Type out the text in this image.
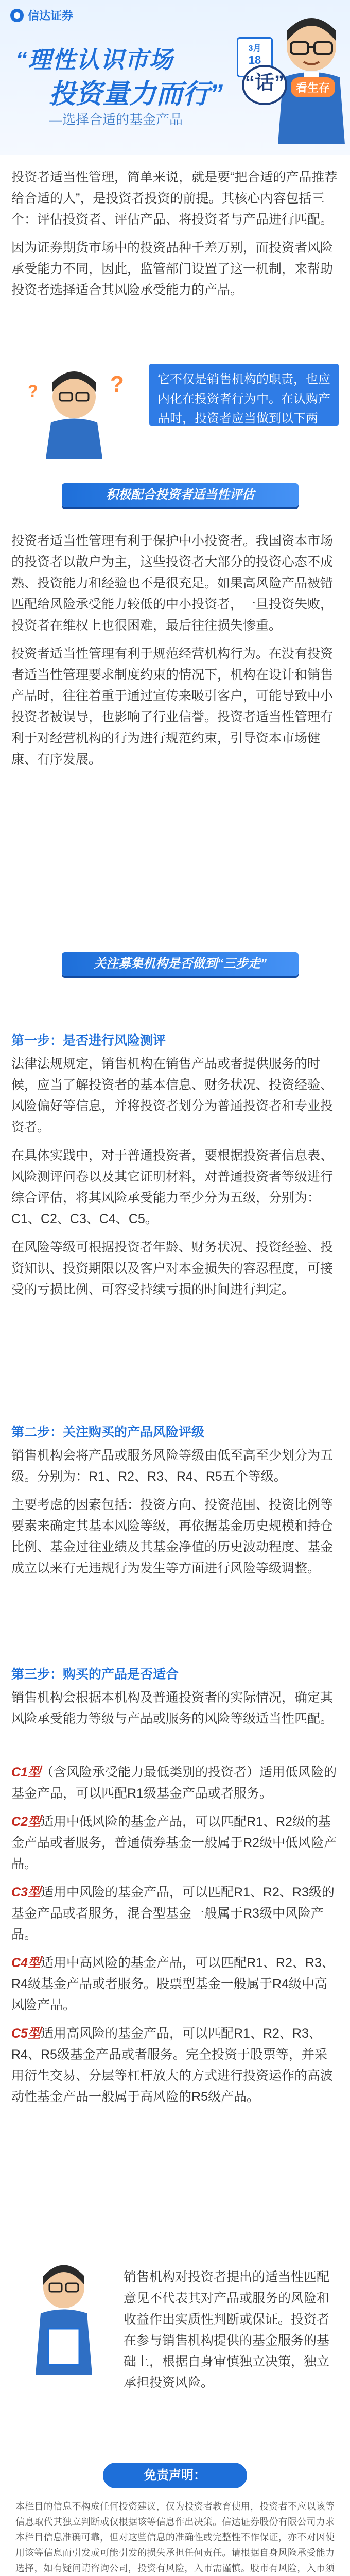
信达证券
“理性认识市场
投资量力而行”
—选择合适的基金产品
3月
18
“话”	看生存

投资者适当性管理，简单来说，就是要“把合适的产品推荐给合适的人”，是投资者投资的前提。其核心内容包括三个：评估投资者、评估产品、将投资者与产品进行匹配。

因为证券期货市场中的投资品种千差万别，而投资者风险承受能力不同，因此，监管部门设置了这一机制，来帮助投资者选择适合其风险承受能力的产品。

?
?
它不仅是销售机构的职责，也应内化在投资者行为中。在认购产品时，投资者应当做到以下两点：
积极配合投资者适当性评估

投资者适当性管理有利于保护中小投资者。我国资本市场的投资者以散户为主，这些投资者大部分的投资心态不成熟、投资能力和经验也不是很充足。如果高风险产品被错匹配给风险承受能力较低的中小投资者，一旦投资失败，投资者在维权上也很困难，最后往往损失惨重。

投资者适当性管理有利于规范经营机构行为。在没有投资者适当性管理要求制度约束的情况下，机构在设计和销售产品时，往往着重于通过宣传来吸引客户，可能导致中小投资者被误导，也影响了行业信誉。投资者适当性管理有利于对经营机构的行为进行规范约束，引导资本市场健康、有序发展。

关注募集机构是否做到“三步走”
第一步：是否进行风险测评

法律法规规定，销售机构在销售产品或者提供服务的时候，应当了解投资者的基本信息、财务状况、投资经验、风险偏好等信息，并将投资者划分为普通投资者和专业投资者。

在具体实践中，对于普通投资者，要根据投资者信息表、风险测评问卷以及其它证明材料，对普通投资者等级进行综合评估，将其风险承受能力至少分为五级，分别为：C1、C2、C3、C4、C5。

在风险等级可根据投资者年龄、财务状况、投资经验、投资知识、投资期限以及客户对本金损失的容忍程度，可接受的亏损比例、可容受持续亏损的时间进行判定。

第二步：关注购买的产品风险评级

销售机构会将产品或服务风险等级由低至高至少划分为五级。分别为：R1、R2、R3、R4、R5五个等级。

主要考虑的因素包括：投资方向、投资范围、投资比例等要素来确定其基本风险等级，再依据基金历史规模和持仓比例、基金过往业绩及其基金净值的历史波动程度、基金成立以来有无违规行为发生等方面进行风险等级调整。

第三步：购买的产品是否适合

销售机构会根据本机构及普通投资者的实际情况，确定其风险承受能力等级与产品或服务的风险等级适当性匹配。

C1型（含风险承受能力最低类别的投资者）适用低风险的基金产品，可以匹配R1级基金产品或者服务。

C2型适用中低风险的基金产品，可以匹配R1、R2级的基金产品或者服务，普通债券基金一般属于R2级中低风险产品。

C3型适用中风险的基金产品，可以匹配R1、R2、R3级的基金产品或者服务，混合型基金一般属于R3级中风险产品。

C4型适用中高风险的基金产品，可以匹配R1、R2、R3、R4级基金产品或者服务。股票型基金一般属于R4级中高风险产品。

C5型适用高风险的基金产品，可以匹配R1、R2、R3、R4、R5级基金产品或者服务。完全投资于股票等，并采用衍生交易、分层等杠杆放大的方式进行投资运作的高波动性基金产品一般属于高风险的R5级产品。

销售机构对投资者提出的适当性匹配意见不代表其对产品或服务的风险和收益作出实质性判断或保证。投资者在参与销售机构提供的基金服务的基础上，根据自身审慎独立决策，独立承担投资风险。

免责声明：
本栏目的信息不构成任何投资建议，仅为投资者教育使用，投资者不应以该等信息取代其独立判断或仅根据该等信息作出决策。信达证券股份有限公司力求本栏目信息准确可靠，但对这些信息的准确性或完整性不作保证，亦不对因使用该等信息而引发或可能引发的损失承担任何责任。请根据自身风险承受能力选择，如有疑问请咨询公司，投资有风险，入市需谨慎。股市有风险，入市须
